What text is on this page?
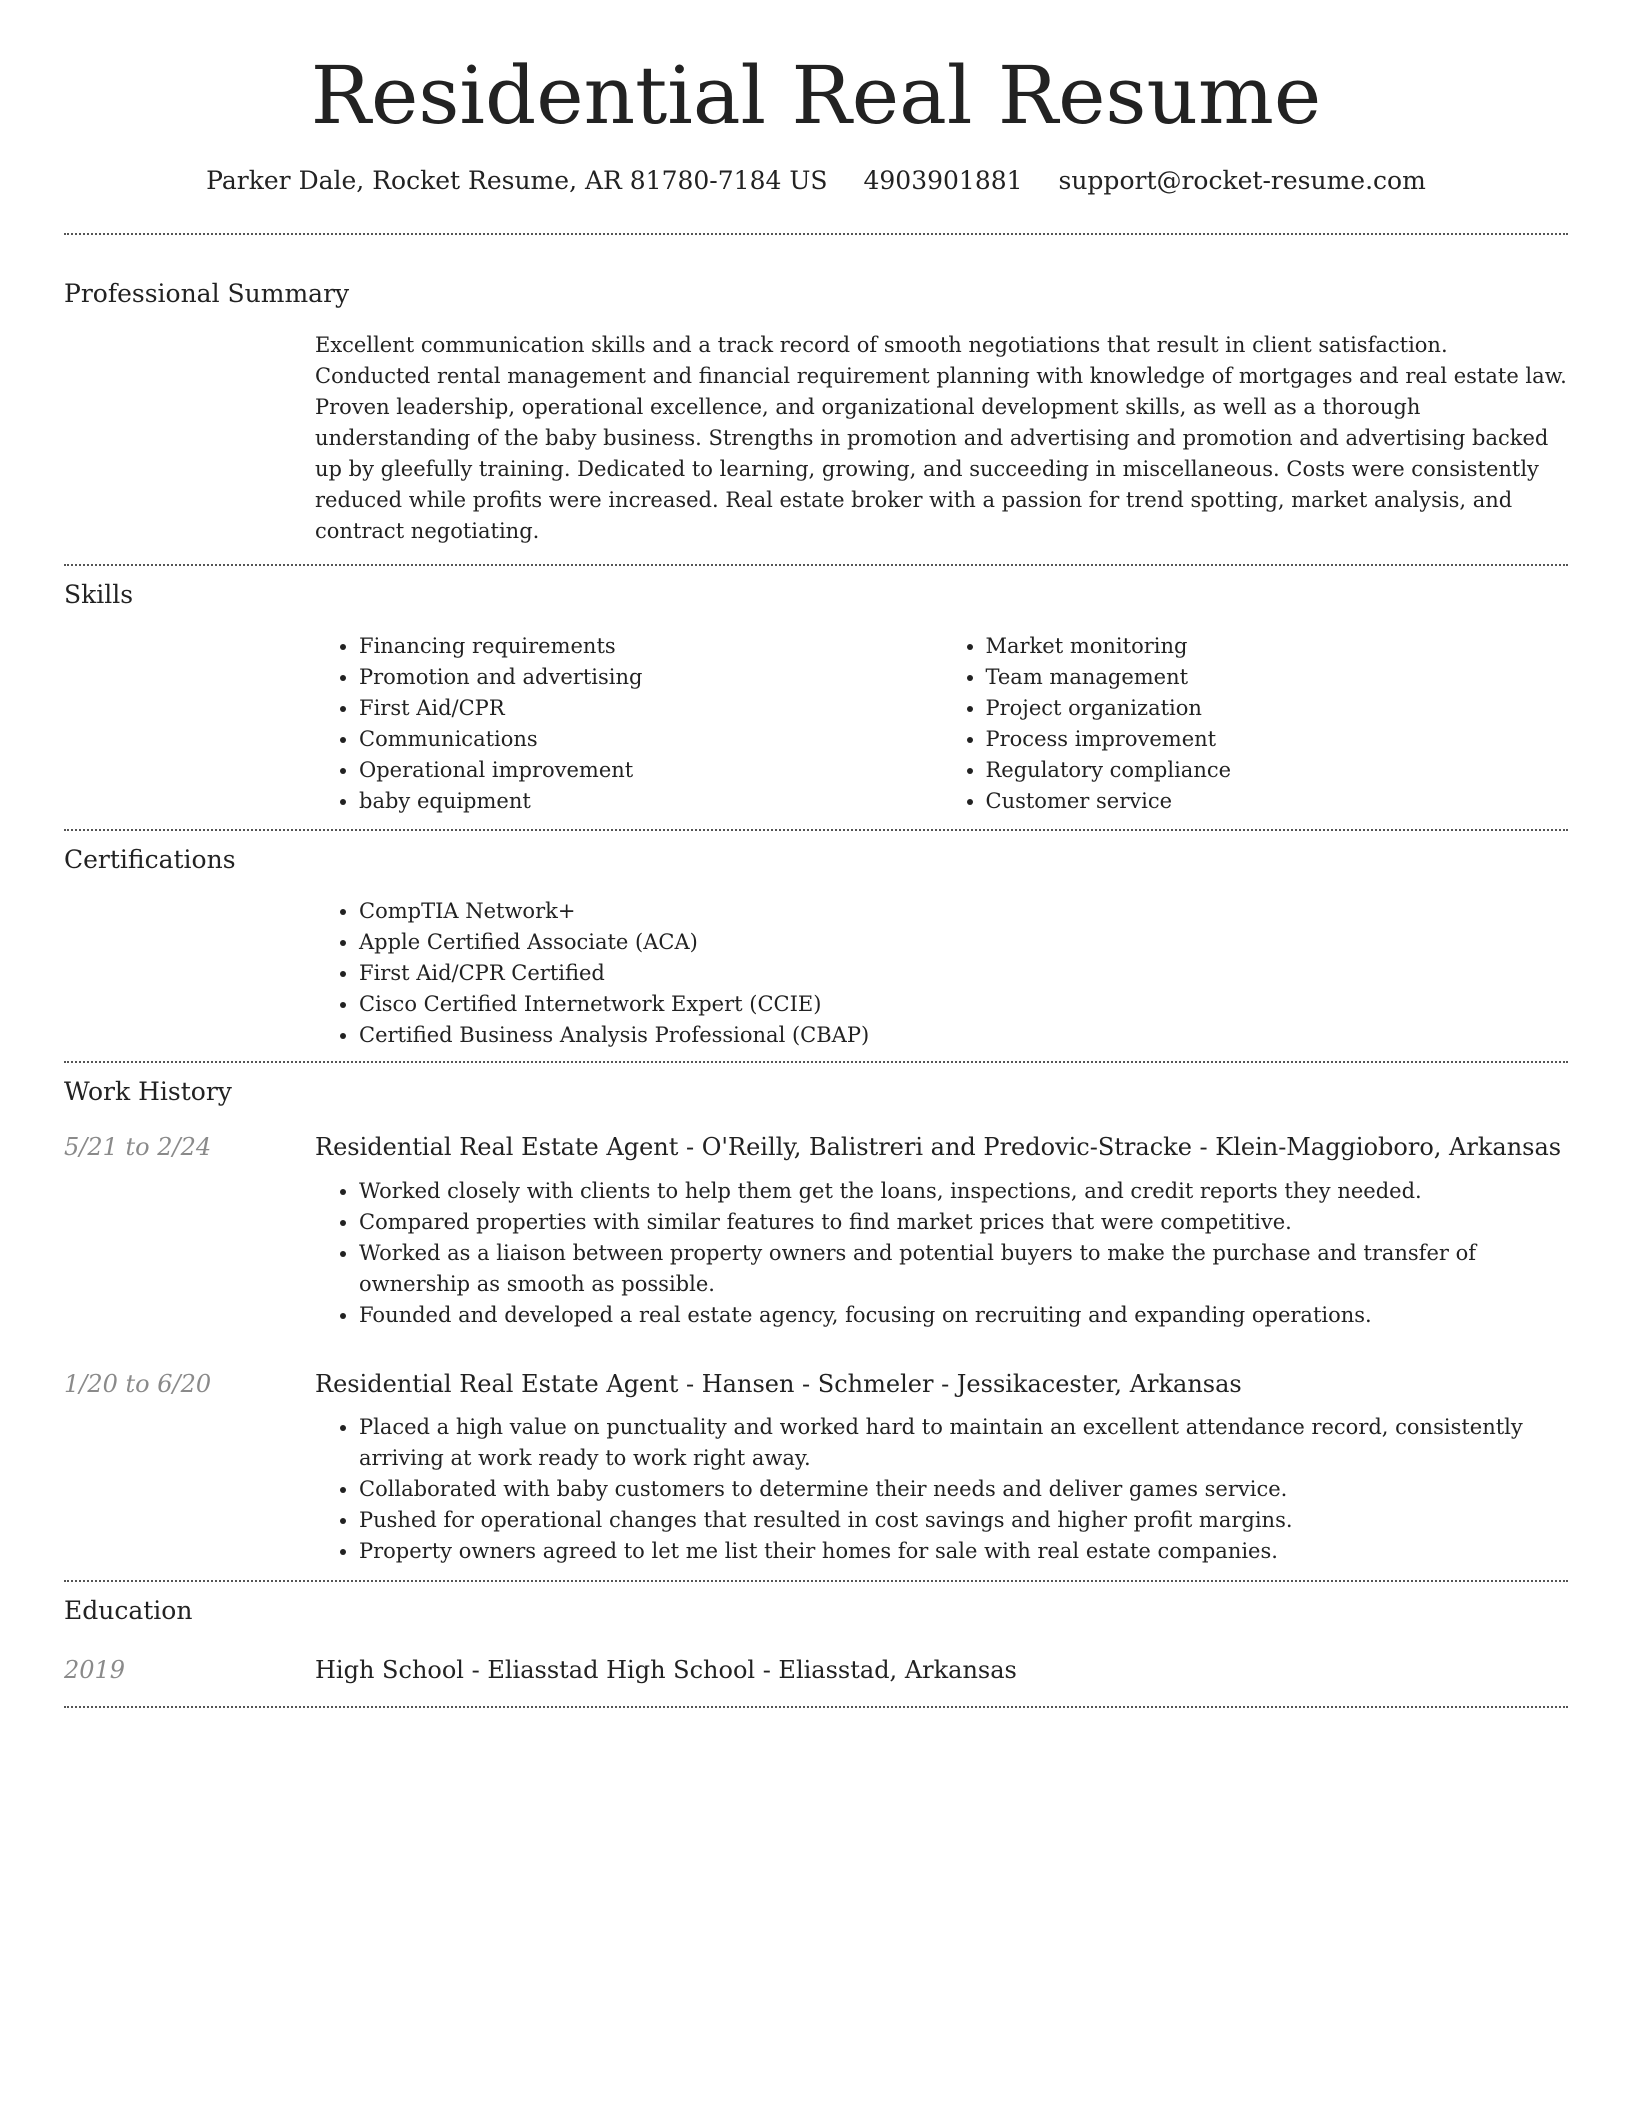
Residential Real Resume
Parker Dale, Rocket Resume, AR 81780-7184 US 4903901881 support@rocket-resume.com
Professional Summary
Excellent communication skills and a track record of smooth negotiations that result in client satisfaction. Conducted rental management and financial requirement planning with knowledge of mortgages and real estate law. Proven leadership, operational excellence, and organizational development skills, as well as a thorough understanding of the baby business. Strengths in promotion and advertising and promotion and advertising backed up by gleefully training. Dedicated to learning, growing, and succeeding in miscellaneous. Costs were consistently reduced while profits were increased. Real estate broker with a passion for trend spotting, market analysis, and contract negotiating.
Skills
• Financing requirements
• Promotion and advertising
• First Aid/CPR
• Communications
• Operational improvement
• baby equipment
• Market monitoring
• Team management
• Project organization
• Process improvement
• Regulatory compliance
• Customer service
Certifications
• CompTIA Network+
• Apple Certified Associate (ACA)
• First Aid/CPR Certified
• Cisco Certified Internetwork Expert (CCIE)
• Certified Business Analysis Professional (CBAP)
Work History
5/21 to 2/24	Residential Real Estate Agent - O'Reilly, Balistreri and Predovic-Stracke - Klein-Maggioboro, Arkansas
• Worked closely with clients to help them get the loans, inspections, and credit reports they needed.
• Compared properties with similar features to find market prices that were competitive.
• Worked as a liaison between property owners and potential buyers to make the purchase and transfer of ownership as smooth as possible.
• Founded and developed a real estate agency, focusing on recruiting and expanding operations.
1/20 to 6/20	Residential Real Estate Agent - Hansen - Schmeler - Jessikacester, Arkansas
• Placed a high value on punctuality and worked hard to maintain an excellent attendance record, consistently arriving at work ready to work right away.
• Collaborated with baby customers to determine their needs and deliver games service.
• Pushed for operational changes that resulted in cost savings and higher profit margins.
• Property owners agreed to let me list their homes for sale with real estate companies.
Education
2019	High School - Eliasstad High School - Eliasstad, Arkansas
